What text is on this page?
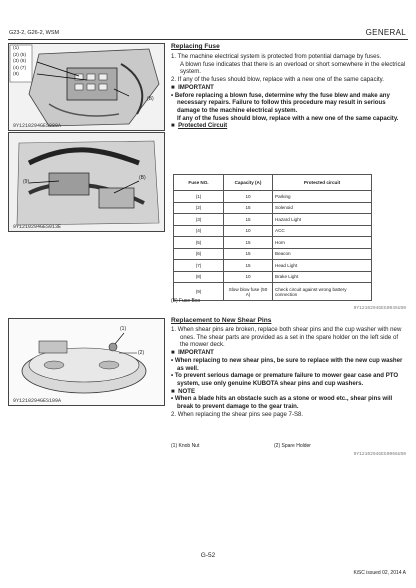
G23-2, G26-2, WSM	GENERAL
(1)
(2) (5)
(3) (6)
(4) (7)
(8)
(B)
9Y1210294GES080A
(9)
(B)
9Y1210294GES013E
(1)
(2)
9Y1210294GES109A
Replacing Fuse
1. The machine electrical system is protected from potential damage by fuses.
A blown fuse indicates that there is an overload or short somewhere in the electrical system.
2. If any of the fuses should blow, replace with a new one of the same capacity.
■ IMPORTANT
• Before replacing a blown fuse, determine why the fuse blew and make any necessary repairs. Failure to follow this procedure may result in serious damage to the machine electrical system.
If any of the fuses should blow, replace with a new one of the same capacity.
■ Protected Circuit
Fuse NO.	Capacity (A)	Protected circuit
(1)	10	Parking
(2)	15	Solenoid
(3)	15	Hazard Light
(4)	10	ACC
(5)	15	Horn
(6)	15	Beacon
(7)	15	Head Light
(8)	10	Brake Light
(9)	Slow blow fuse (50 A)	Check circuit against wrong battery connection
(B) Fuse Box
9Y1210294GEG0045US0
Replacement to New Shear Pins
1. When shear pins are broken, replace both shear pins and the cup washer with new ones. The shear parts are provided as a set in the spare holder on the left side of the mower deck.
■ IMPORTANT
• When replacing to new shear pins, be sure to replace with the new cup washer as well.
• To prevent serious damage or premature failure to mower gear case and PTO system, use only genuine KUBOTA shear pins and cup washers.
■ NOTE
• When a blade hits an obstacle such as a stone or wood etc., shear pins will break to prevent damage to the gear train.
2. When replacing the shear pins see page 7-S8.
(1) Knob Nut	(2) Spare Holder
9Y1210294GEG0066US0
G-52
KiSC issued 02, 2014 A
